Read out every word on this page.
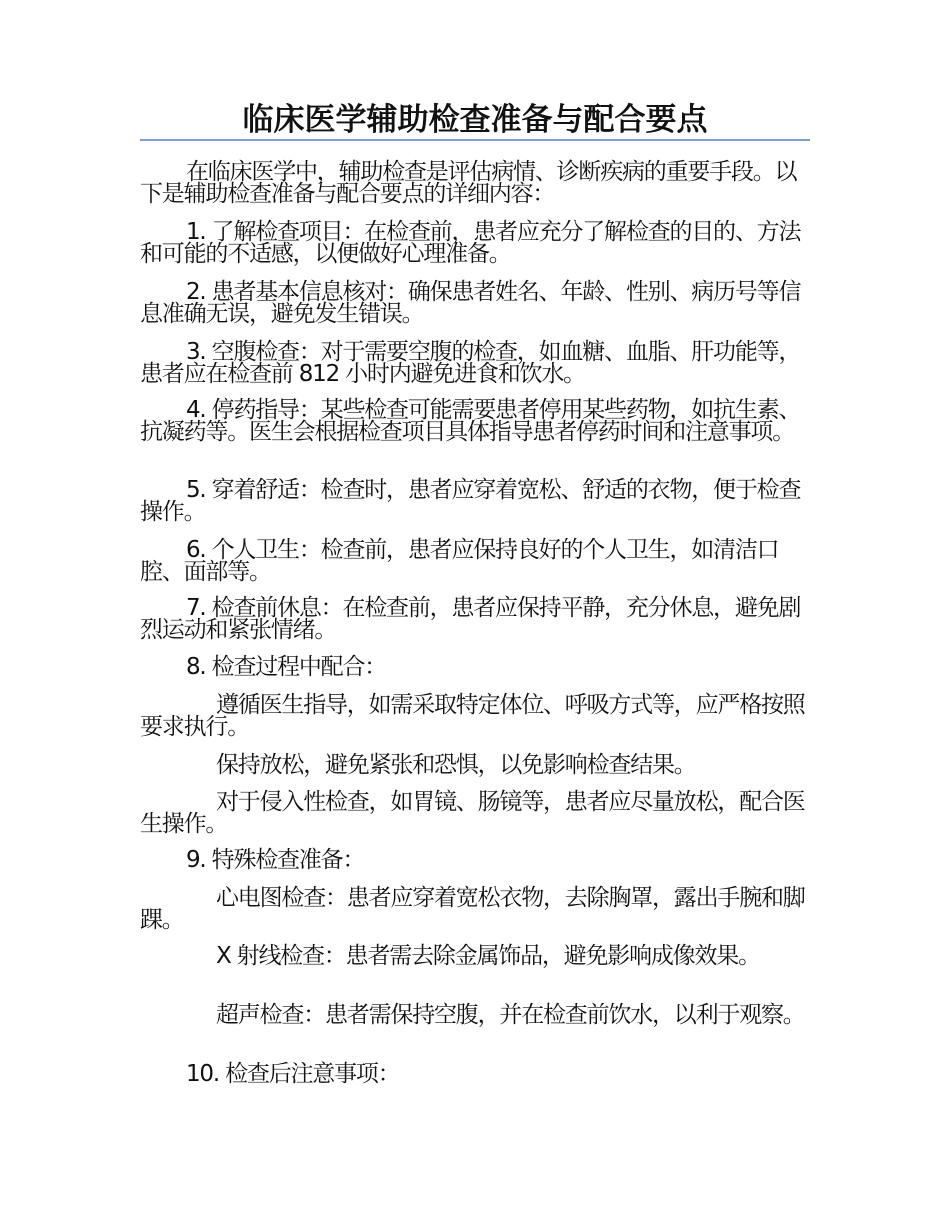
临床医学辅助检查准备与配合要点

在临床医学中，辅助检查是评估病情、诊断疾病的重要手段。以下是辅助检查准备与配合要点的详细内容：

1. 了解检查项目：在检查前，患者应充分了解检查的目的、方法和可能的不适感，以便做好心理准备。

2. 患者基本信息核对：确保患者姓名、年龄、性别、病历号等信息准确无误，避免发生错误。

3. 空腹检查：对于需要空腹的检查，如血糖、血脂、肝功能等，患者应在检查前 812 小时内避免进食和饮水。

4. 停药指导：某些检查可能需要患者停用某些药物，如抗生素、抗凝药等。医生会根据检查项目具体指导患者停药时间和注意事项。

5. 穿着舒适：检查时，患者应穿着宽松、舒适的衣物，便于检查操作。

6. 个人卫生：检查前，患者应保持良好的个人卫生，如清洁口腔、面部等。

7. 检查前休息：在检查前，患者应保持平静，充分休息，避免剧烈运动和紧张情绪。

8. 检查过程中配合：

遵循医生指导，如需采取特定体位、呼吸方式等，应严格按照要求执行。

保持放松，避免紧张和恐惧，以免影响检查结果。

对于侵入性检查，如胃镜、肠镜等，患者应尽量放松，配合医生操作。

9. 特殊检查准备：

心电图检查：患者应穿着宽松衣物，去除胸罩，露出手腕和脚踝。

X 射线检查：患者需去除金属饰品，避免影响成像效果。

超声检查：患者需保持空腹，并在检查前饮水，以利于观察。

10. 检查后注意事项：
